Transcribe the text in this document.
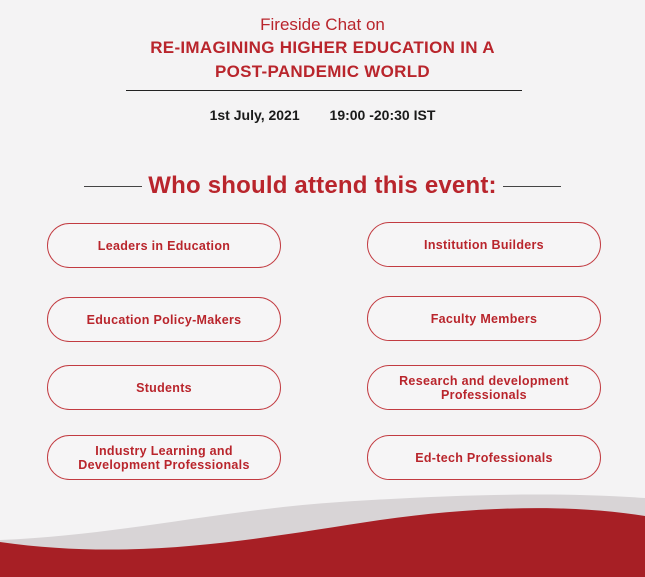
Fireside Chat on
RE-IMAGINING HIGHER EDUCATION IN A
POST-PANDEMIC WORLD
1st July, 2021 19:00 -20:30 IST
Who should attend this event:
Leaders in Education
Education Policy-Makers
Students
Industry Learning and Development Professionals
Institution Builders
Faculty Members
Research and development Professionals
Ed-tech Professionals
